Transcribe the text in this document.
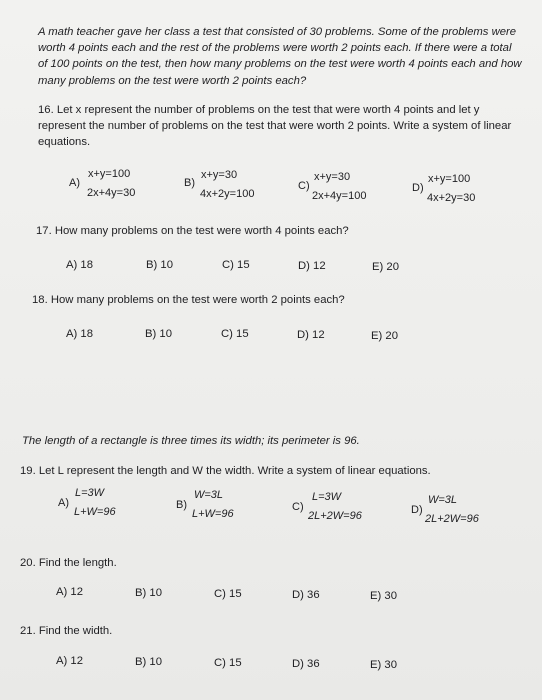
A math teacher gave her class a test that consisted of 30 problems. Some of the problems were worth 4 points each and the rest of the problems were worth 2 points each. If there were a total of 100 points on the test, then how many problems on the test were worth 4 points each and how many problems on the test were worth 2 points each?
16. Let x represent the number of problems on the test that were worth 4 points and let y represent the number of problems on the test that were worth 2 points. Write a system of linear equations.
A)
x+y=100
2x+4y=30
B)
x+y=30
4x+2y=100
C)
x+y=30
2x+4y=100
D)
x+y=100
4x+2y=30
17. How many problems on the test were worth 4 points each?
A) 18	B) 10	C) 15	D) 12	E) 20
18. How many problems on the test were worth 2 points each?
A) 18	B) 10	C) 15	D) 12	E) 20
The length of a rectangle is three times its width; its perimeter is 96.
19. Let L represent the length and W the width. Write a system of linear equations.
A)
L=3W
L+W=96
B)
W=3L
L+W=96
C)
L=3W
2L+2W=96	D)
W=3L
2L+2W=96
20. Find the length.
A) 12	B) 10	C) 15	D) 36	E) 30
21. Find the width.
A) 12	B) 10	C) 15	D) 36	E) 30
